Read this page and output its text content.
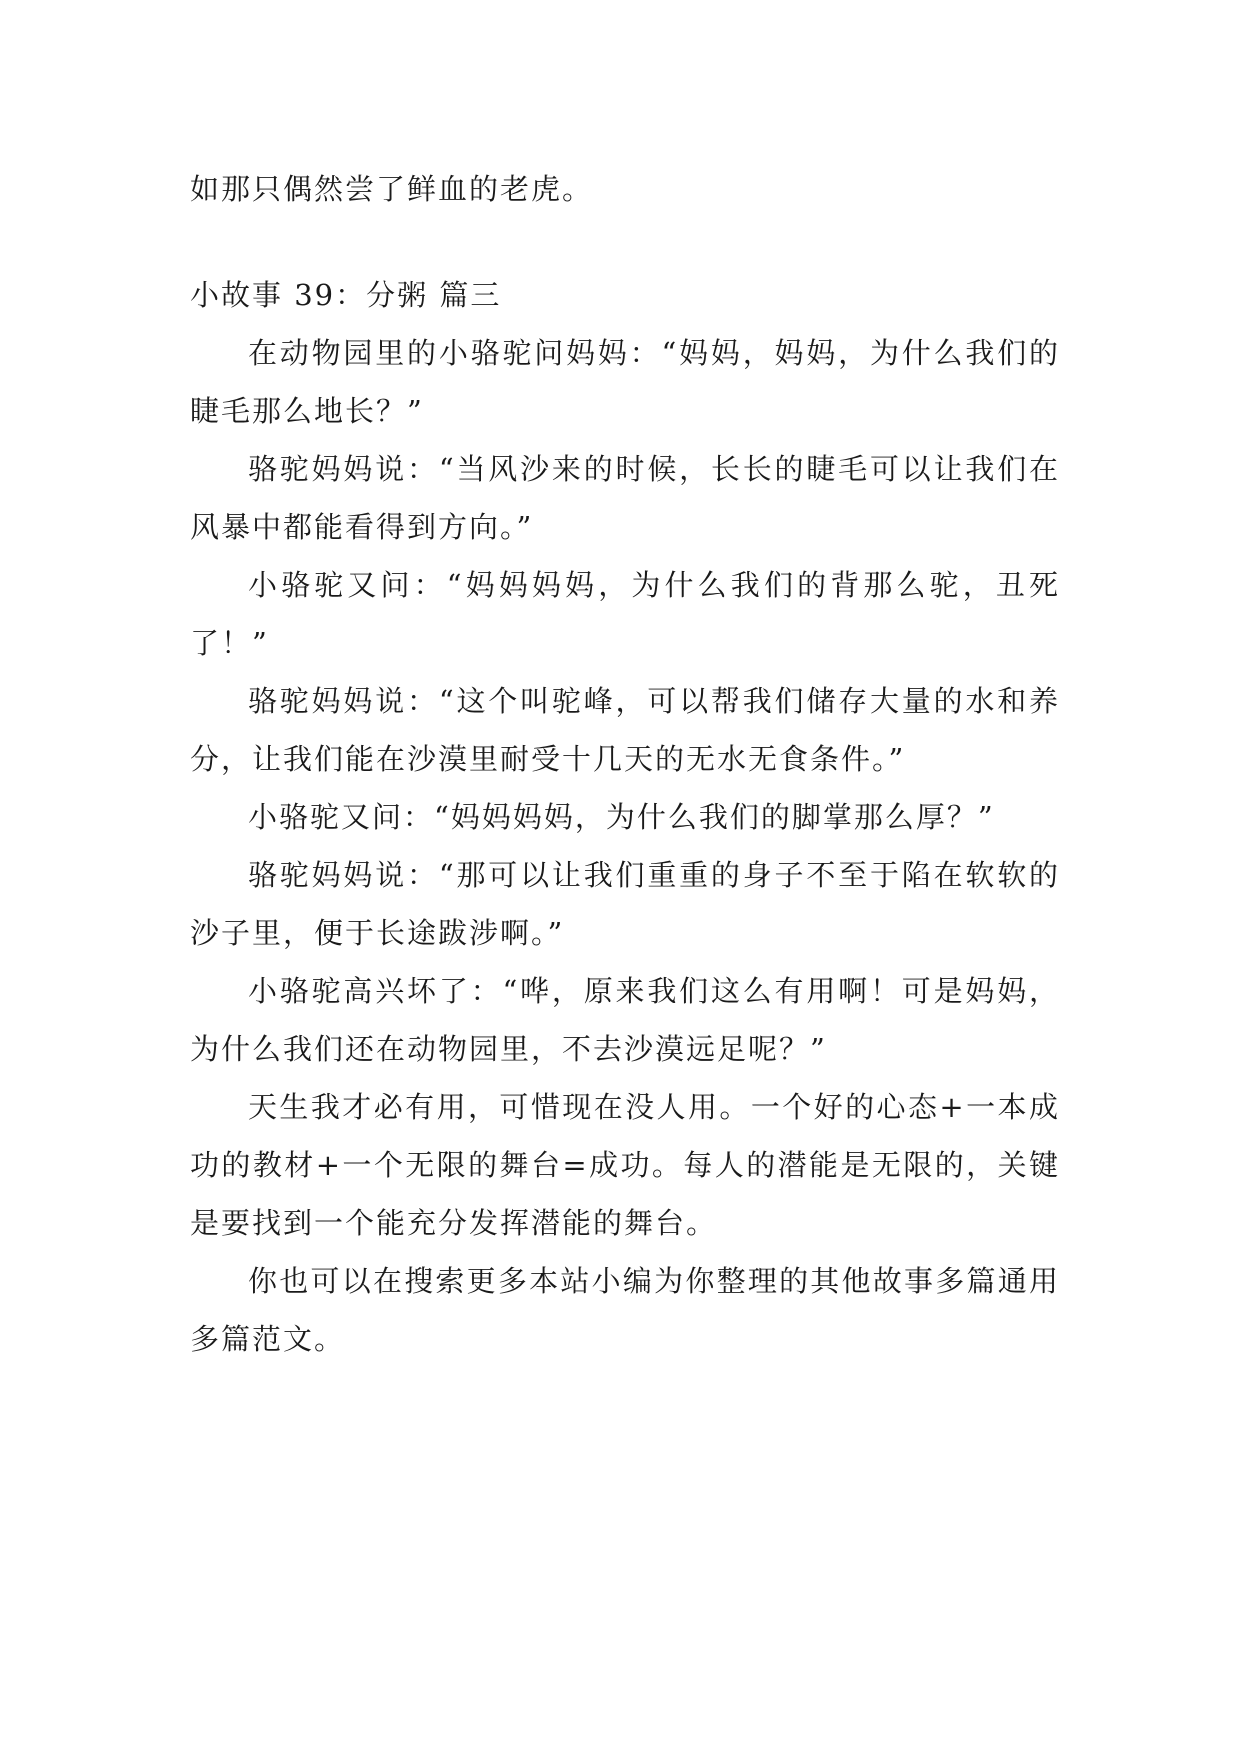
如那只偶然尝了鲜血的老虎。

小故事 39：分粥 篇三

在动物园里的小骆驼问妈妈：“妈妈，妈妈，为什么我们的睫毛那么地长？”

骆驼妈妈说：“当风沙来的时候，长长的睫毛可以让我们在风暴中都能看得到方向。”

小骆驼又问：“妈妈妈妈，为什么我们的背那么驼，丑死了！”

骆驼妈妈说：“这个叫驼峰，可以帮我们储存大量的水和养分，让我们能在沙漠里耐受十几天的无水无食条件。”

小骆驼又问：“妈妈妈妈，为什么我们的脚掌那么厚？”

骆驼妈妈说：“那可以让我们重重的身子不至于陷在软软的沙子里，便于长途跋涉啊。”

小骆驼高兴坏了：“哗，原来我们这么有用啊！可是妈妈，为什么我们还在动物园里，不去沙漠远足呢？”

天生我才必有用，可惜现在没人用。一个好的心态+一本成功的教材+一个无限的舞台=成功。每人的潜能是无限的，关键是要找到一个能充分发挥潜能的舞台。

你也可以在搜索更多本站小编为你整理的其他故事多篇通用多篇范文。
